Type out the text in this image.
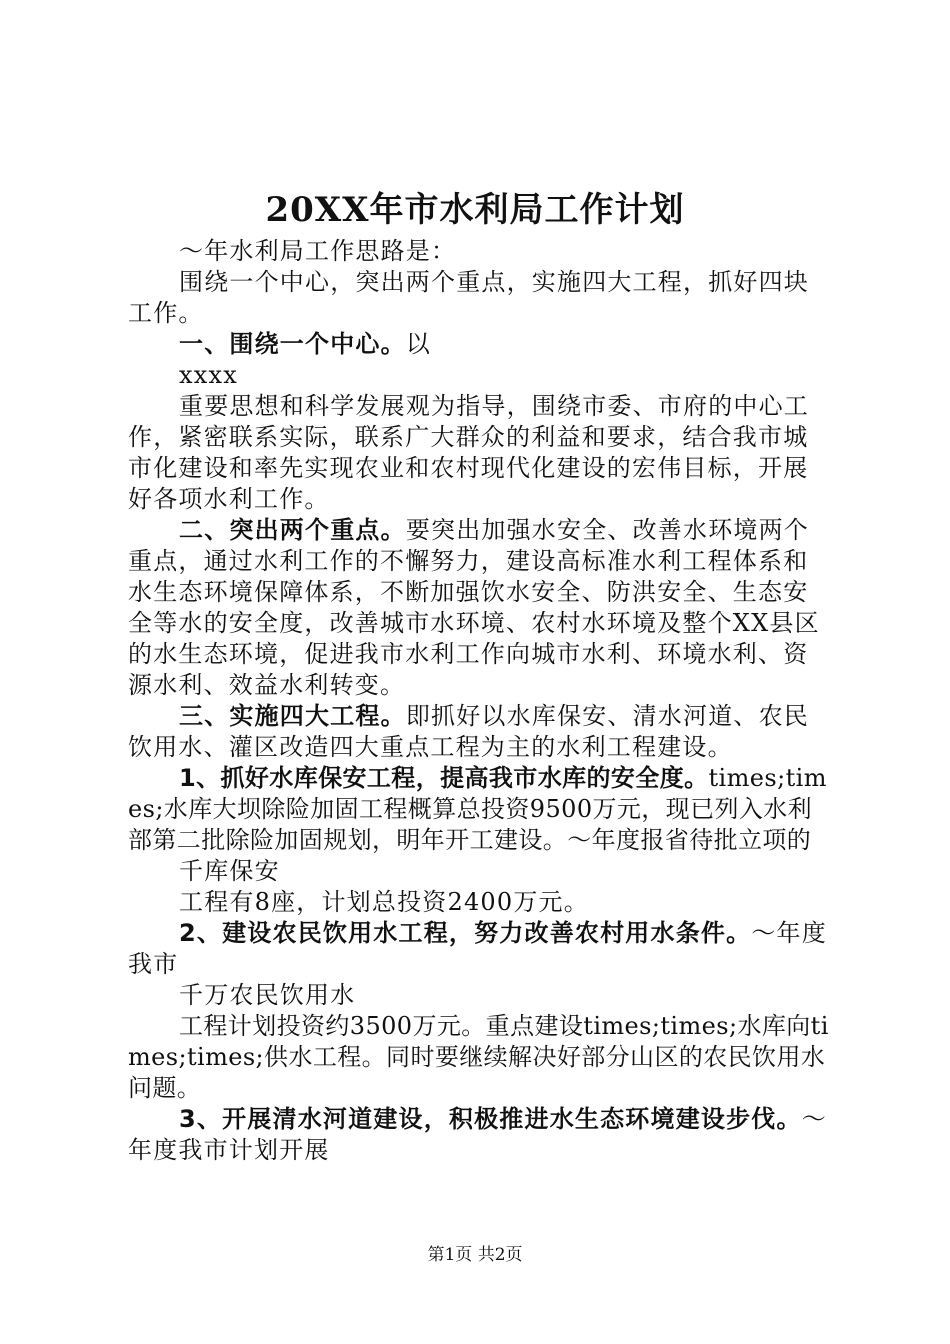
20XX年市水利局工作计划

～年水利局工作思路是：

围绕一个中心，突出两个重点，实施四大工程，抓好四块工作。

一、围绕一个中心。以

xxxx

重要思想和科学发展观为指导，围绕市委、市府的中心工作，紧密联系实际，联系广大群众的利益和要求，结合我市城市化建设和率先实现农业和农村现代化建设的宏伟目标，开展好各项水利工作。

二、突出两个重点。要突出加强水安全、改善水环境两个重点，通过水利工作的不懈努力，建设高标准水利工程体系和水生态环境保障体系，不断加强饮水安全、防洪安全、生态安全等水的安全度，改善城市水环境、农村水环境及整个XX县区的水生态环境，促进我市水利工作向城市水利、环境水利、资源水利、效益水利转变。

三、实施四大工程。即抓好以水库保安、清水河道、农民饮用水、灌区改造四大重点工程为主的水利工程建设。

1、抓好水库保安工程，提高我市水库的安全度。times;times;水库大坝除险加固工程概算总投资9500万元，现已列入水利部第二批除险加固规划，明年开工建设。～年度报省待批立项的

千库保安

工程有8座，计划总投资2400万元。

2、建设农民饮用水工程，努力改善农村用水条件。～年度我市

千万农民饮用水

工程计划投资约3500万元。重点建设times;times;水库向times;times;供水工程。同时要继续解决好部分山区的农民饮用水问题。

3、开展清水河道建设，积极推进水生态环境建设步伐。～年度我市计划开展

第1页 共2页
